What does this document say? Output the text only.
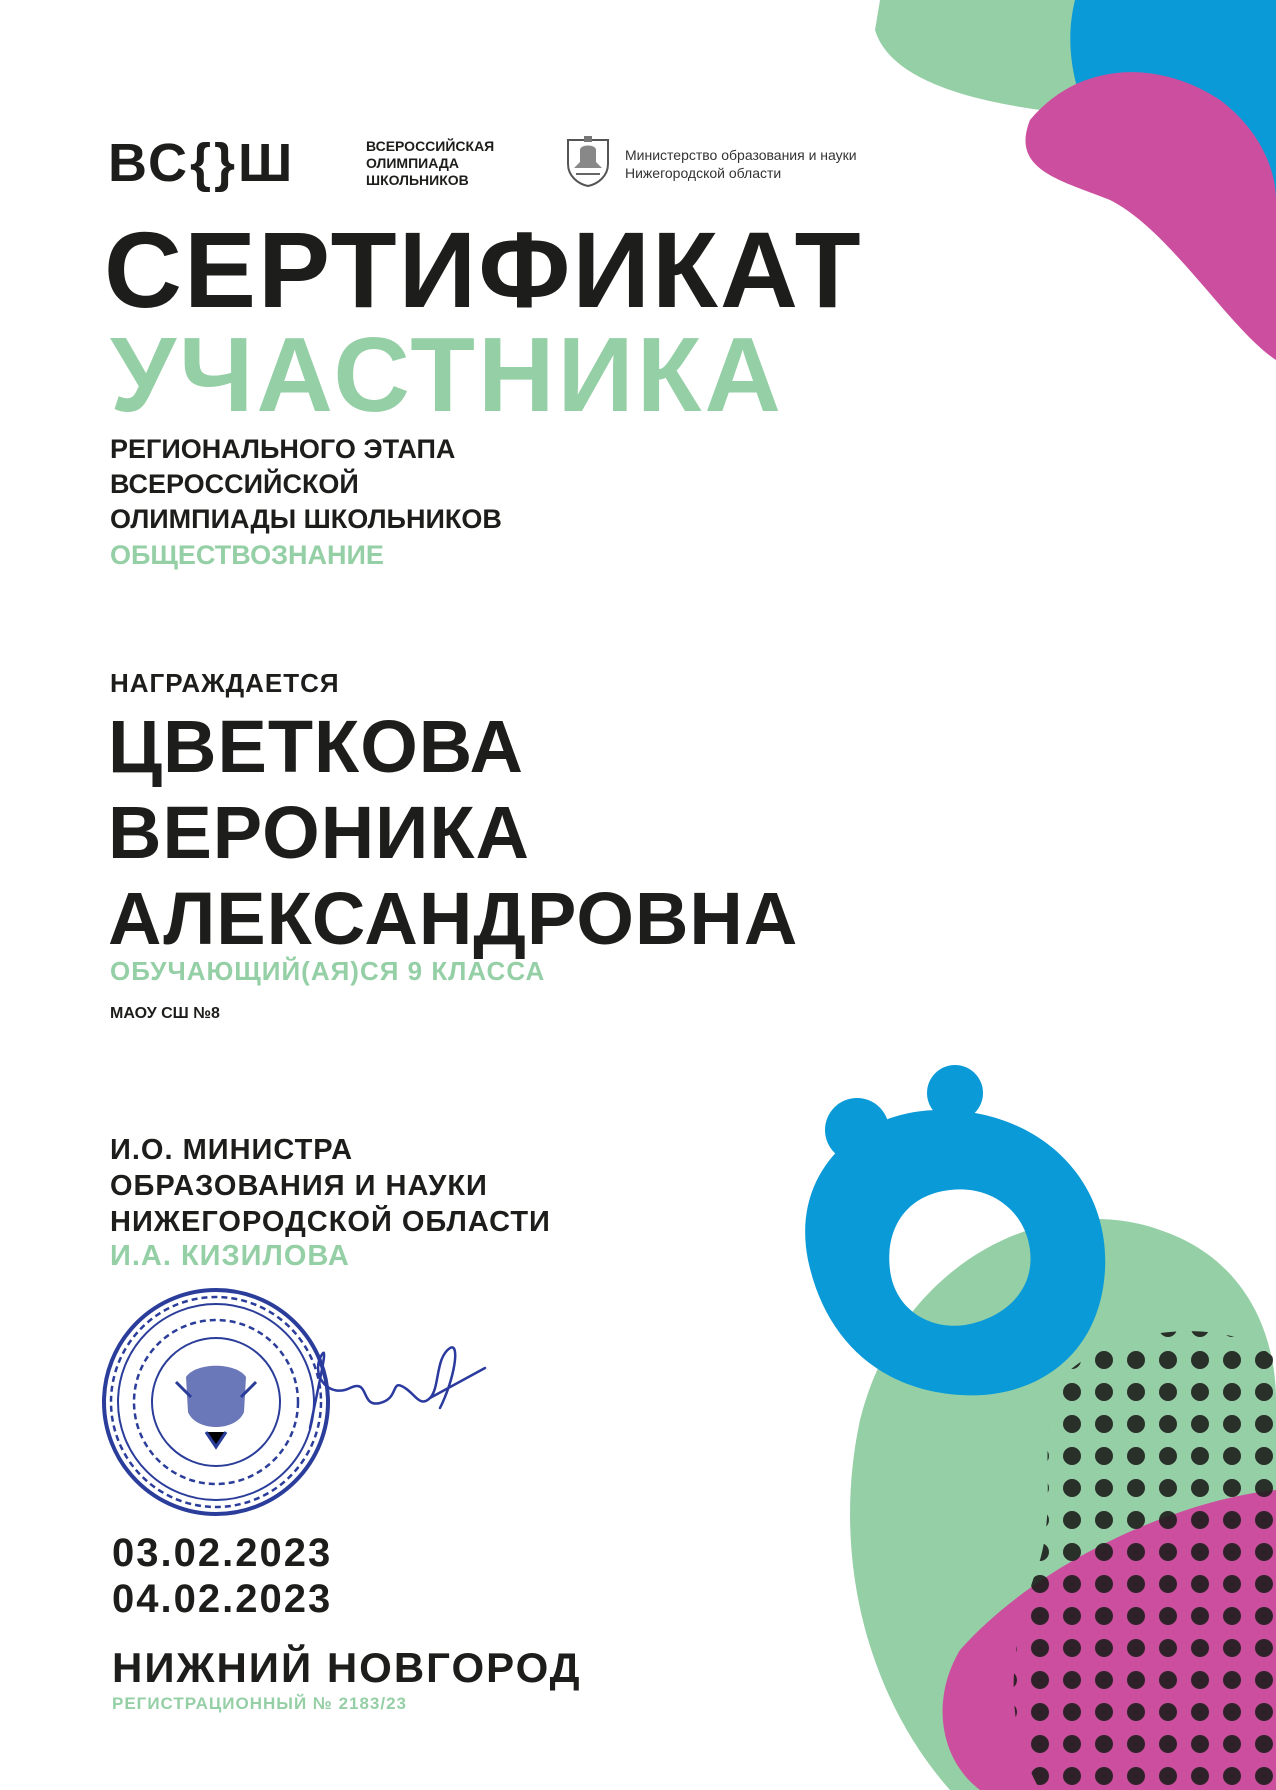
ВС{}Ш	ВСЕРОССИЙСКАЯ
ОЛИМПИАДА
ШКОЛЬНИКОВ
Министерство образования и науки
Нижегородской области
СЕРТИФИКАТ
УЧАСТНИКА
РЕГИОНАЛЬНОГО ЭТАПА
ВСЕРОССИЙСКОЙ
ОЛИМПИАДЫ ШКОЛЬНИКОВ
ОБЩЕСТВОЗНАНИЕ
НАГРАЖДАЕТСЯ
ЦВЕТКОВА
ВЕРОНИКА
АЛЕКСАНДРОВНА
ОБУЧАЮЩИЙ(АЯ)СЯ 9 КЛАССА
МАОУ СШ №8
И.О. МИНИСТРА
ОБРАЗОВАНИЯ И НАУКИ
НИЖЕГОРОДСКОЙ ОБЛАСТИ
И.А. КИЗИЛОВА
03.02.2023
04.02.2023
НИЖНИЙ НОВГОРОД
РЕГИСТРАЦИОННЫЙ № 2183/23
